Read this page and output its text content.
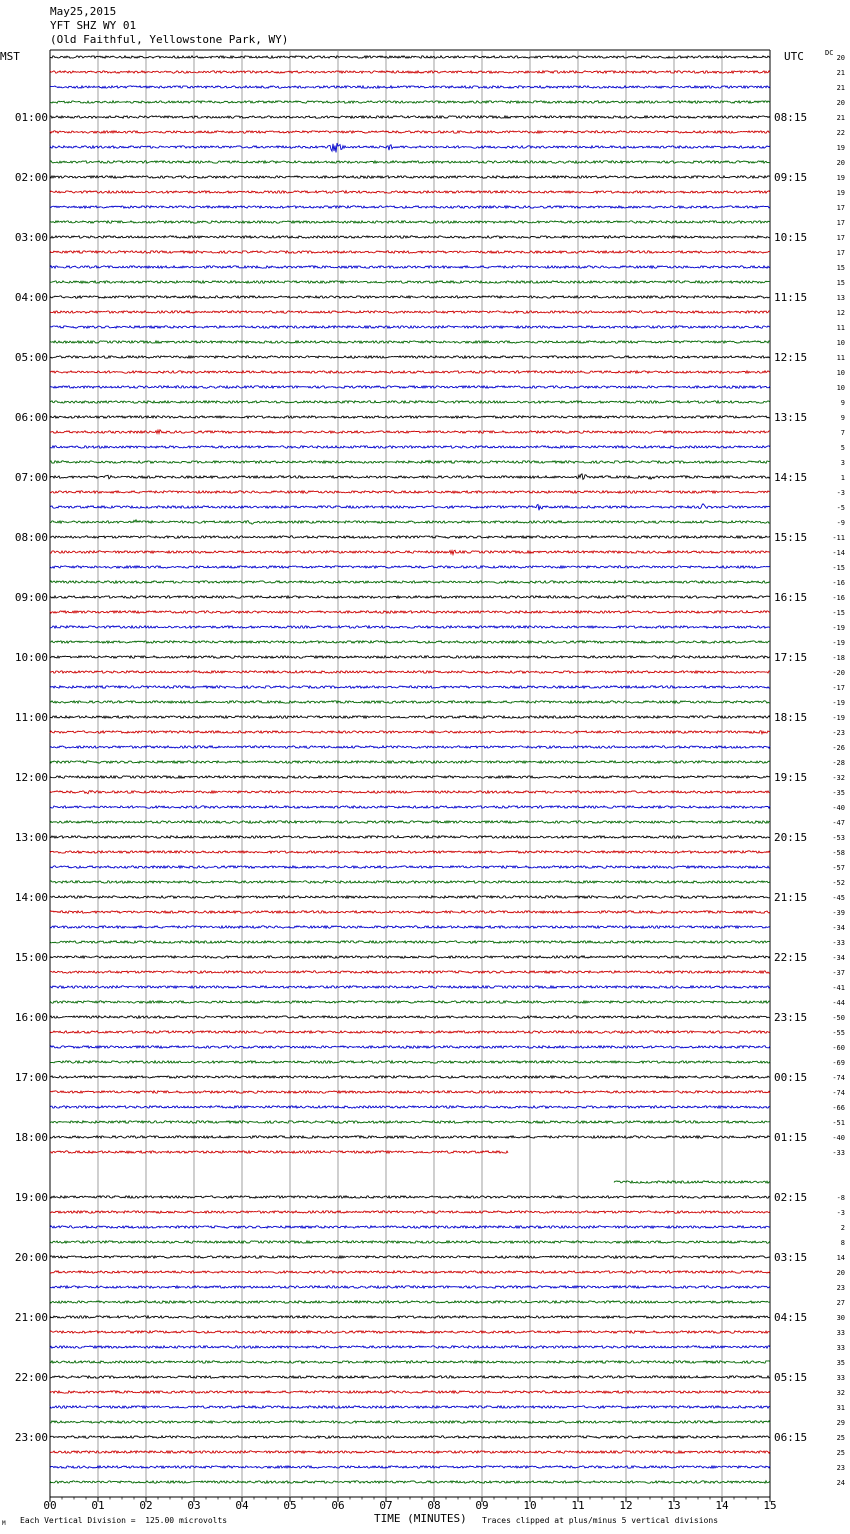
00	01	02	03	04	05	06	07	08	09	10	11	12	13	14	15
20
21
21
20
21
22
19
20
19
19
17
17
17
17
15
15
13
12
11
10
11
10
10
9
9
7
5
3
1
-3
-5
-9
-11
-14
-15
-16
-16
-15
-19
-19
-18
-20
-17
-19
-19
-23
-26
-28
-32
-35
-40
-47
-53
-58
-57
-52
-45
-39
-34
-33
-34
-37
-41
-44
-50
-55
-60
-69
-74
-74
-66
-51
-40
-33
-8
-3
2
8
14
20
23
27
30
33
33
35
33
32
31
29
25
25
23
24
01:00	08:15
02:00	09:15
03:00	10:15
04:00	11:15
05:00	12:15
06:00	13:15
07:00	14:15
08:00	15:15
09:00	16:15
10:00	17:15
11:00	18:15
12:00	19:15
13:00	20:15
14:00	21:15
15:00	22:15
16:00	23:15
17:00	00:15
18:00	01:15
19:00	02:15
20:00	03:15
21:00	04:15
22:00	05:15
23:00	06:15
May25,2015
YFT SHZ WY 01
(Old Faithful, Yellowstone Park, WY)
MST	UTC	DC
TIME (MINUTES)
Each Vertical Division =  125.00 microvolts	Traces clipped at plus/minus 5 vertical divisions
M
